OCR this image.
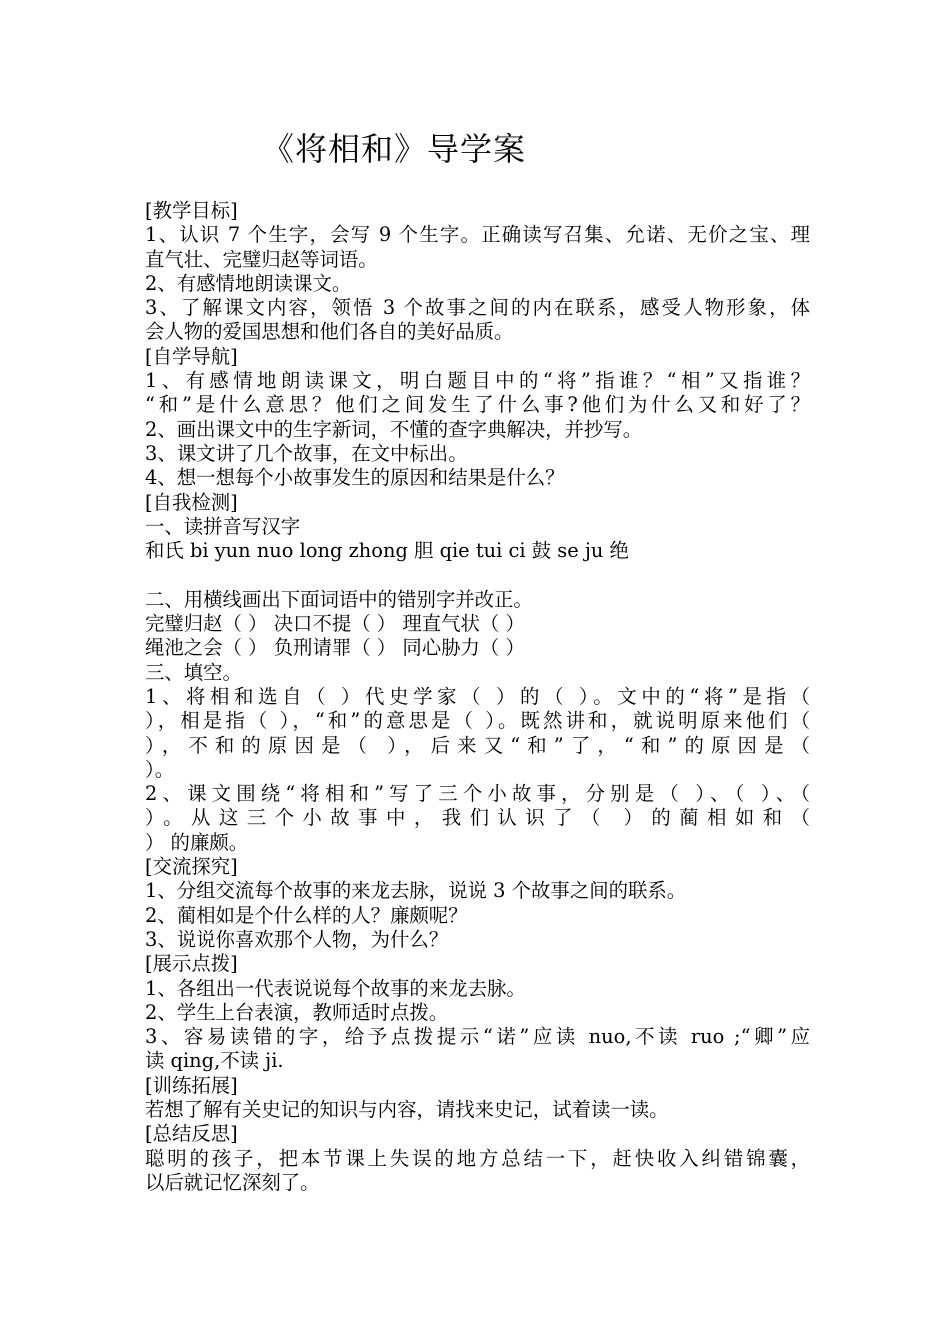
《将相和》导学案
[教学目标]
1、认识 7 个生字，会写 9 个生字。正确读写召集、允诺、无价之宝、理
直气壮、完璧归赵等词语。
2、有感情地朗读课文。
3、了解课文内容，领悟 3 个故事之间的内在联系，感受人物形象，体
会人物的爱国思想和他们各自的美好品质。
[自学导航]
1、有感情地朗读课文，明白题目中的“将”指谁？“相”又指谁？
“和”是什么意思？他们之间发生了什么事?他们为什么又和好了？
2、画出课文中的生字新词，不懂的查字典解决，并抄写。
3、课文讲了几个故事，在文中标出。
4、想一想每个小故事发生的原因和结果是什么？
[自我检测]
一、读拼音写汉字
和氏 bi yun nuo long zhong 胆 qie tui ci 鼓 se ju 绝
二、用横线画出下面词语中的错别字并改正。
完璧归赵（ ） 决口不提（ ） 理直气状（ ）
绳池之会（ ） 负刑请罪（ ） 同心胁力（ ）
三、填空。
1、将相和选自（ ）代史学家（ ）的（ ）。文中的“将”是指（
），相是指（ ），“和”的意思是（ ）。既然讲和，就说明原来他们（
），不和的原因是（ ），后来又“和”了，“和”的原因是（
）。
2、课文围绕“将相和”写了三个小故事，分别是（ ）、（ ）、（
）。从这三个小故事中，我们认识了（ ）的蔺相如和（
） 的廉颇。
[交流探究]
1、分组交流每个故事的来龙去脉，说说 3 个故事之间的联系。
2、蔺相如是个什么样的人？廉颇呢？
3、说说你喜欢那个人物，为什么？
[展示点拨]
1、各组出一代表说说每个故事的来龙去脉。
2、学生上台表演，教师适时点拨。
3、容易读错的字，给予点拨提示“诺”应读 nuo,不读 ruo ;“卿”应
读 qing,不读 ji.
[训练拓展]
若想了解有关史记的知识与内容，请找来史记，试着读一读。
[总结反思]
聪明的孩子，把本节课上失误的地方总结一下，赶快收入纠错锦囊，
以后就记忆深刻了。
